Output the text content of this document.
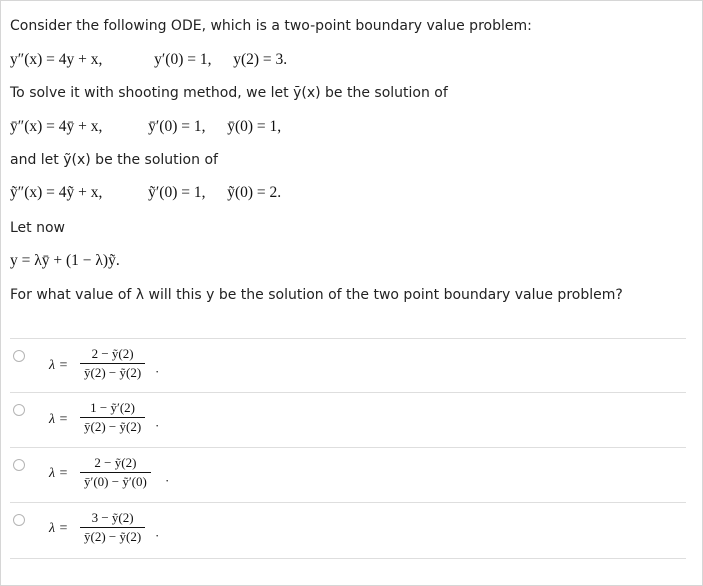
Consider the following ODE, which is a two-point boundary value problem:
y″(x) = 4y + x,	y′(0) = 1, y(2) = 3.
To solve it with shooting method, we let ȳ(x) be the solution of
ȳ″(x) = 4ȳ + x,	ȳ′(0) = 1, ȳ(0) = 1,
and let ỹ(x) be the solution of
ỹ″(x) = 4ỹ + x,	ỹ′(0) = 1, ỹ(0) = 2.
Let now
y = λȳ + (1 − λ)ỹ.
For what value of λ will this y be the solution of the two point boundary value problem?
$\lambda = \frac{\text{2 − ỹ(2)}}{\text{ȳ(2) − ỹ(2)}}$ ·
$\lambda = \frac{\text{1 − ỹ′(2)}}{\text{ȳ(2) − ỹ(2)}}$ ·
$\lambda = \frac{\text{2 − ỹ(2)}}{\text{ȳ′(0) − ỹ′(0)}}$ ·
$\lambda = \frac{\text{3 − ỹ(2)}}{\text{ȳ(2) − ỹ(2)}}$ ·
